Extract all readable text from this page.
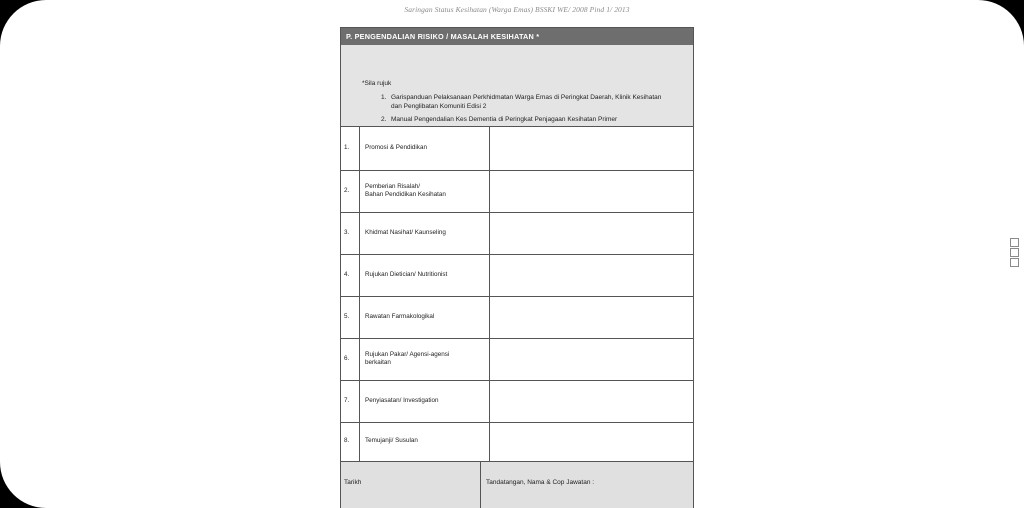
Saringan Status Kesihatan (Warga Emas) BSSKI WE/ 2008 Pind 1/ 2013
P. PENGENDALIAN RISIKO / MASALAH KESIHATAN *
*Sila rujuk
1. Garispanduan Pelaksanaan Perkhidmatan Warga Emas di Peringkat Daerah, Klinik Kesihatan
dan Penglibatan Komuniti Edisi 2
2. Manual Pengendalian Kes Dementia di Peringkat Penjagaan Kesihatan Primer
1.	Promosi & Pendidikan

2.	Pemberian Risalah/
Bahan Pendidikan Kesihatan	
3.	Khidmat Nasihat/ Kaunseling	
4.	Rujukan Dietician/ Nutritionist	
5.	Rawatan Farmakologikal	
6.	Rujukan Pakar/ Agensi-agensi
berkaitan	
7.	Penyiasatan/ Investigation	
8.	Temujanji/ Susulan	
Tarikh	Tandatangan, Nama & Cop Jawatan :
